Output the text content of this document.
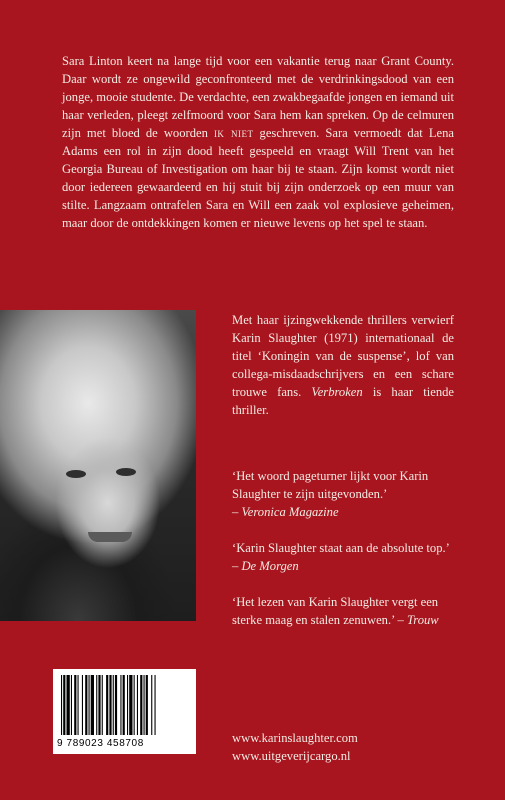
Sara Linton keert na lange tijd voor een vakantie terug naar Grant County. Daar wordt ze ongewild geconfronteerd met de verdrinkingsdood van een jonge, mooie studente. De verdachte, een zwakbegaafde jongen en iemand uit haar verleden, pleegt zelfmoord voor Sara hem kan spreken. Op de celmuren zijn met bloed de woorden ik niet geschreven. Sara vermoedt dat Lena Adams een rol in zijn dood heeft gespeeld en vraagt Will Trent van het Georgia Bureau of Investigation om haar bij te staan. Zijn komst wordt niet door iedereen gewaardeerd en hij stuit bij zijn onderzoek op een muur van stilte. Langzaam ontrafelen Sara en Will een zaak vol explosieve geheimen, maar door de ontdekkingen komen er nieuwe levens op het spel te staan.
Met haar ijzingwekkende thrillers verwierf Karin Slaughter (1971) internationaal de titel ‘Koningin van de suspense’, lof van collega-misdaadschrijvers en een schare trouwe fans. Verbroken is haar tiende thriller.

‘Het woord pageturner lijkt voor Karin Slaughter te zijn uitgevonden.’
– Veronica Magazine

‘Karin Slaughter staat aan de absolute top.’ – De Morgen

‘Het lezen van Karin Slaughter vergt een sterke maag en stalen zenuwen.’ – Trouw

9 789023 458708	www.karinslaughter.com
www.uitgeverijcargo.nl
